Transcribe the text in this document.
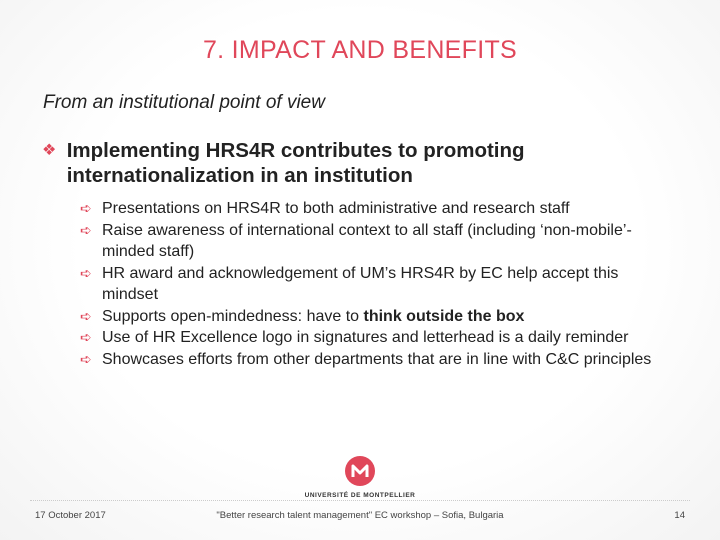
7. IMPACT AND BENEFITS
From an institutional point of view
❖ Implementing HRS4R contributes to promoting internationalization in an institution
➪ Presentations on HRS4R to both administrative and research staff
➪ Raise awareness of international context to all staff (including ‘non-mobile’-minded staff)
➪ HR award and acknowledgement of UM’s HRS4R by EC help accept this mindset
➪ Supports open-mindedness: have to think outside the box
➪ Use of HR Excellence logo in signatures and letterhead is a daily reminder
➪ Showcases efforts from other departments that are in line with C&C principles
UNIVERSITÉ DE MONTPELLIER
17 October 2017	"Better research talent management" EC workshop – Sofia, Bulgaria	14
